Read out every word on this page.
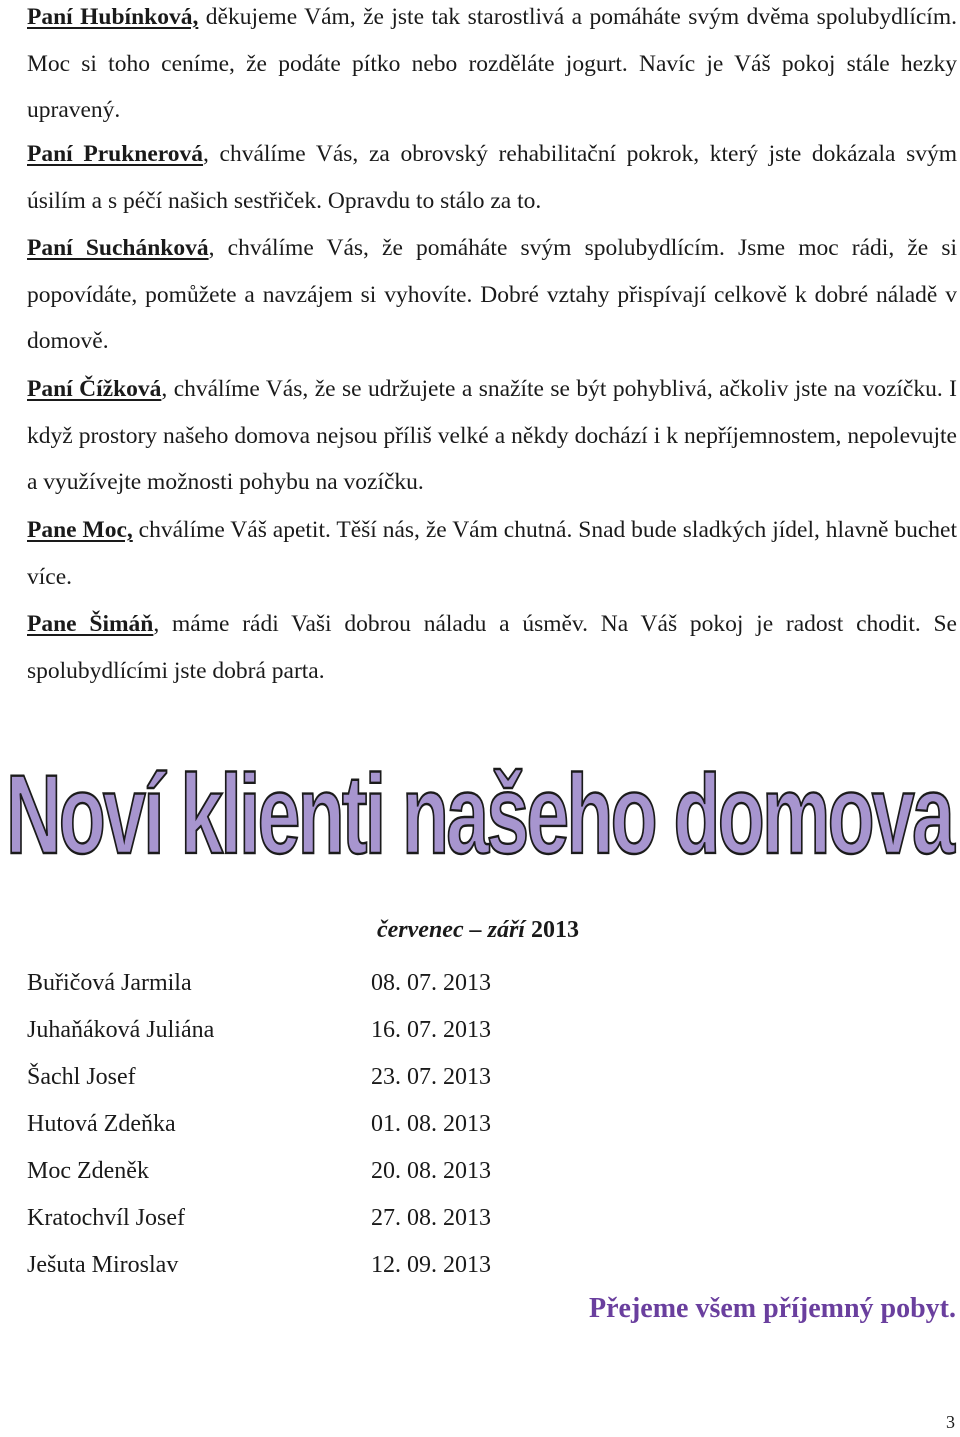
Paní Hubínková, děkujeme Vám, že jste tak starostlivá a pomáháte svým dvěma spolubydlícím. Moc si toho ceníme, že podáte pítko nebo rozděláte jogurt. Navíc je Váš pokoj stále hezky upravený.

Paní Pruknerová, chválíme Vás, za obrovský rehabilitační pokrok, který jste dokázala svým úsilím a s péčí našich sestřiček. Opravdu to stálo za to.

Paní Suchánková, chválíme Vás, že pomáháte svým spolubydlícím. Jsme moc rádi, že si popovídáte, pomůžete a navzájem si vyhovíte. Dobré vztahy přispívají celkově k dobré náladě v domově.

Paní Čížková, chválíme Vás, že se udržujete a snažíte se být pohyblivá, ačkoliv jste na vozíčku. I když prostory našeho domova nejsou příliš velké a někdy dochází i k nepříjemnostem, nepolevujte a využívejte možnosti pohybu na vozíčku.

Pane Moc, chválíme Váš apetit. Těší nás, že Vám chutná. Snad bude sladkých jídel, hlavně buchet více.

Pane Šimáň, máme rádi Vaši dobrou náladu a úsměv. Na Váš pokoj je radost chodit. Se spolubydlícími jste dobrá parta.

Noví klienti našeho domova

červenec – září 2013

Buřičová Jarmila	08. 07. 2013
Juhaňáková Juliána	16. 07. 2013
Šachl Josef	23. 07. 2013
Hutová Zdeňka	01. 08. 2013
Moc Zdeněk	20. 08. 2013
Kratochvíl Josef	27. 08. 2013
Ješuta Miroslav	12. 09. 2013

Přejeme všem příjemný pobyt.

3
